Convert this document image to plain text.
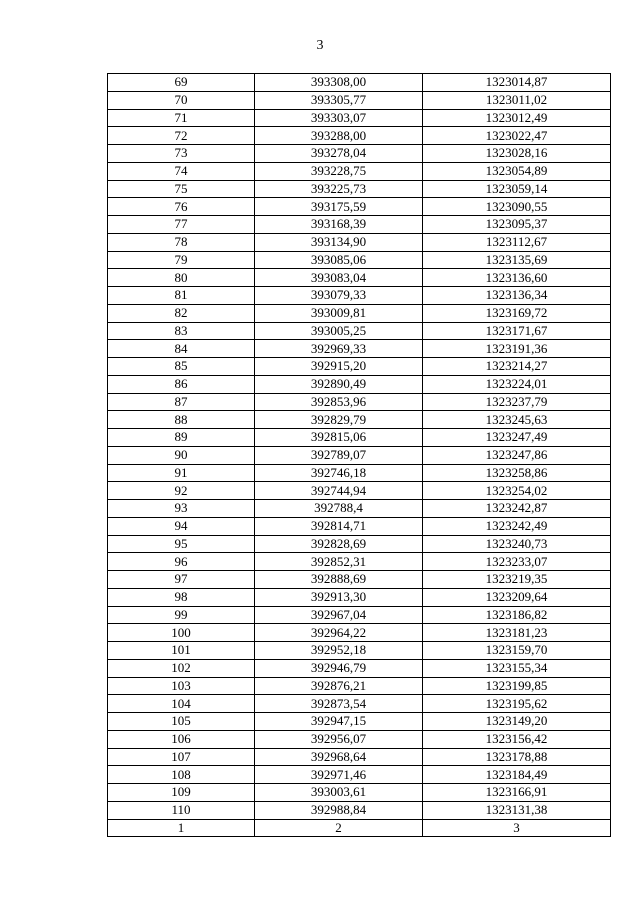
3
69	393308,00	1323014,87
70	393305,77	1323011,02
71	393303,07	1323012,49
72	393288,00	1323022,47
73	393278,04	1323028,16
74	393228,75	1323054,89
75	393225,73	1323059,14
76	393175,59	1323090,55
77	393168,39	1323095,37
78	393134,90	1323112,67
79	393085,06	1323135,69
80	393083,04	1323136,60
81	393079,33	1323136,34
82	393009,81	1323169,72
83	393005,25	1323171,67
84	392969,33	1323191,36
85	392915,20	1323214,27
86	392890,49	1323224,01
87	392853,96	1323237,79
88	392829,79	1323245,63
89	392815,06	1323247,49
90	392789,07	1323247,86
91	392746,18	1323258,86
92	392744,94	1323254,02
93	392788,4	1323242,87
94	392814,71	1323242,49
95	392828,69	1323240,73
96	392852,31	1323233,07
97	392888,69	1323219,35
98	392913,30	1323209,64
99	392967,04	1323186,82
100	392964,22	1323181,23
101	392952,18	1323159,70
102	392946,79	1323155,34
103	392876,21	1323199,85
104	392873,54	1323195,62
105	392947,15	1323149,20
106	392956,07	1323156,42
107	392968,64	1323178,88
108	392971,46	1323184,49
109	393003,61	1323166,91
110	392988,84	1323131,38
1	2	3
